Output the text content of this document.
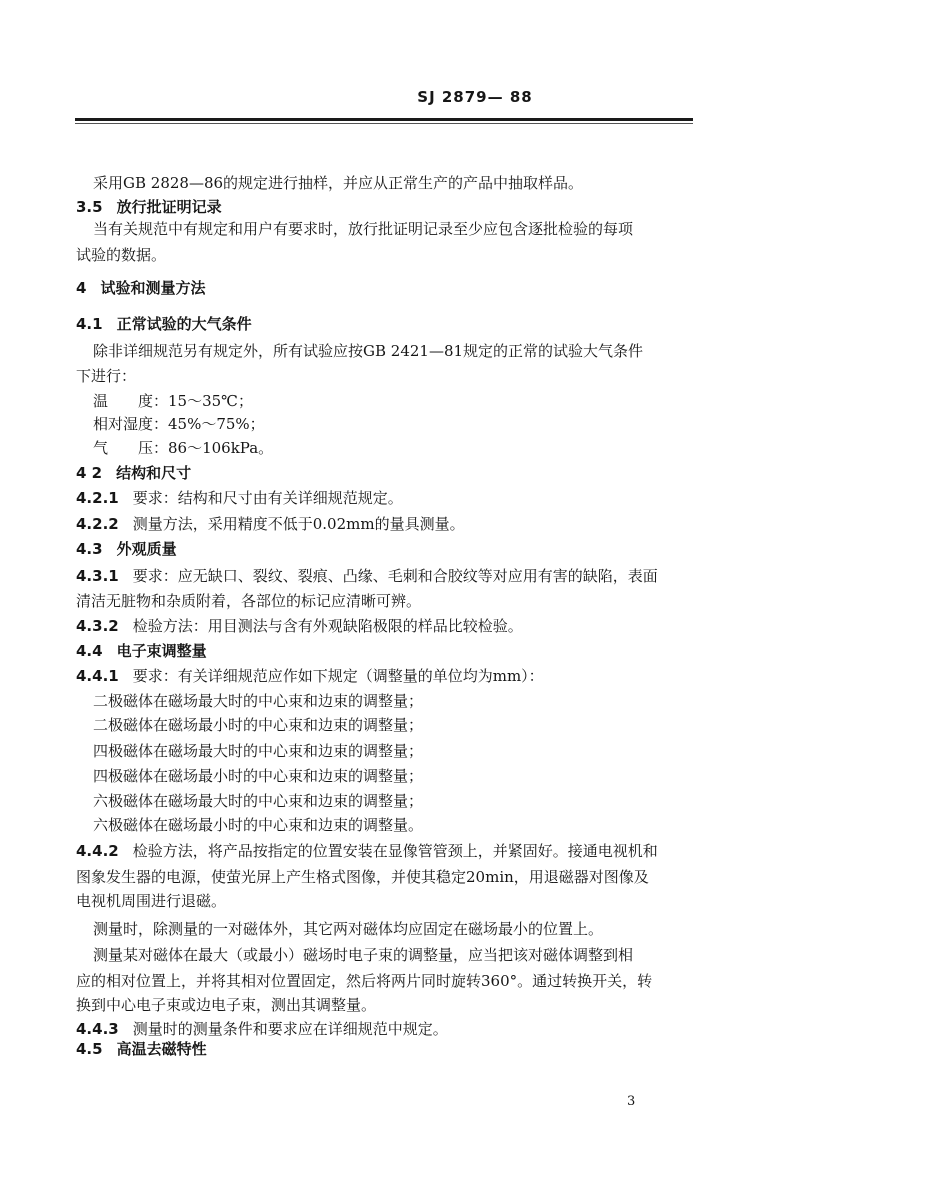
SJ 2879— 88
采用GB 2828—86的规定进行抽样，并应从正常生产的产品中抽取样品。
3.5 放行批证明记录
当有关规范中有规定和用户有要求时，放行批证明记录至少应包含逐批检验的每项
试验的数据。
4 试验和测量方法
4.1 正常试验的大气条件
除非详细规范另有规定外，所有试验应按GB 2421—81规定的正常的试验大气条件
下进行：
温　　度：15～35℃；
相对湿度：45%～75%；
气　　压：86～106kPa。
4 2 结构和尺寸
4.2.1 要求：结构和尺寸由有关详细规范规定。
4.2.2 测量方法，采用精度不低于0.02mm的量具测量。
4.3 外观质量
4.3.1 要求：应无缺口、裂纹、裂痕、凸缘、毛刺和合胶纹等对应用有害的缺陷，表面
清洁无脏物和杂质附着，各部位的标记应清晰可辨。
4.3.2 检验方法：用目测法与含有外观缺陷极限的样品比较检验。
4.4 电子束调整量
4.4.1 要求：有关详细规范应作如下规定（调整量的单位均为mm）：
二极磁体在磁场最大时的中心束和边束的调整量；
二极磁体在磁场最小时的中心束和边束的调整量；
四极磁体在磁场最大时的中心束和边束的调整量；
四极磁体在磁场最小时的中心束和边束的调整量；
六极磁体在磁场最大时的中心束和边束的调整量；
六极磁体在磁场最小时的中心束和边束的调整量。
4.4.2 检验方法，将产品按指定的位置安装在显像管管颈上，并紧固好。接通电视机和
图象发生器的电源，使萤光屏上产生格式图像，并使其稳定20min，用退磁器对图像及
电视机周围进行退磁。
测量时，除测量的一对磁体外，其它两对磁体均应固定在磁场最小的位置上。
测量某对磁体在最大（或最小）磁场时电子束的调整量，应当把该对磁体调整到相
应的相对位置上，并将其相对位置固定，然后将两片同时旋转360°。通过转换开关，转
换到中心电子束或边电子束，测出其调整量。
4.4.3 测量时的测量条件和要求应在详细规范中规定。
4.5 高温去磁特性
3
